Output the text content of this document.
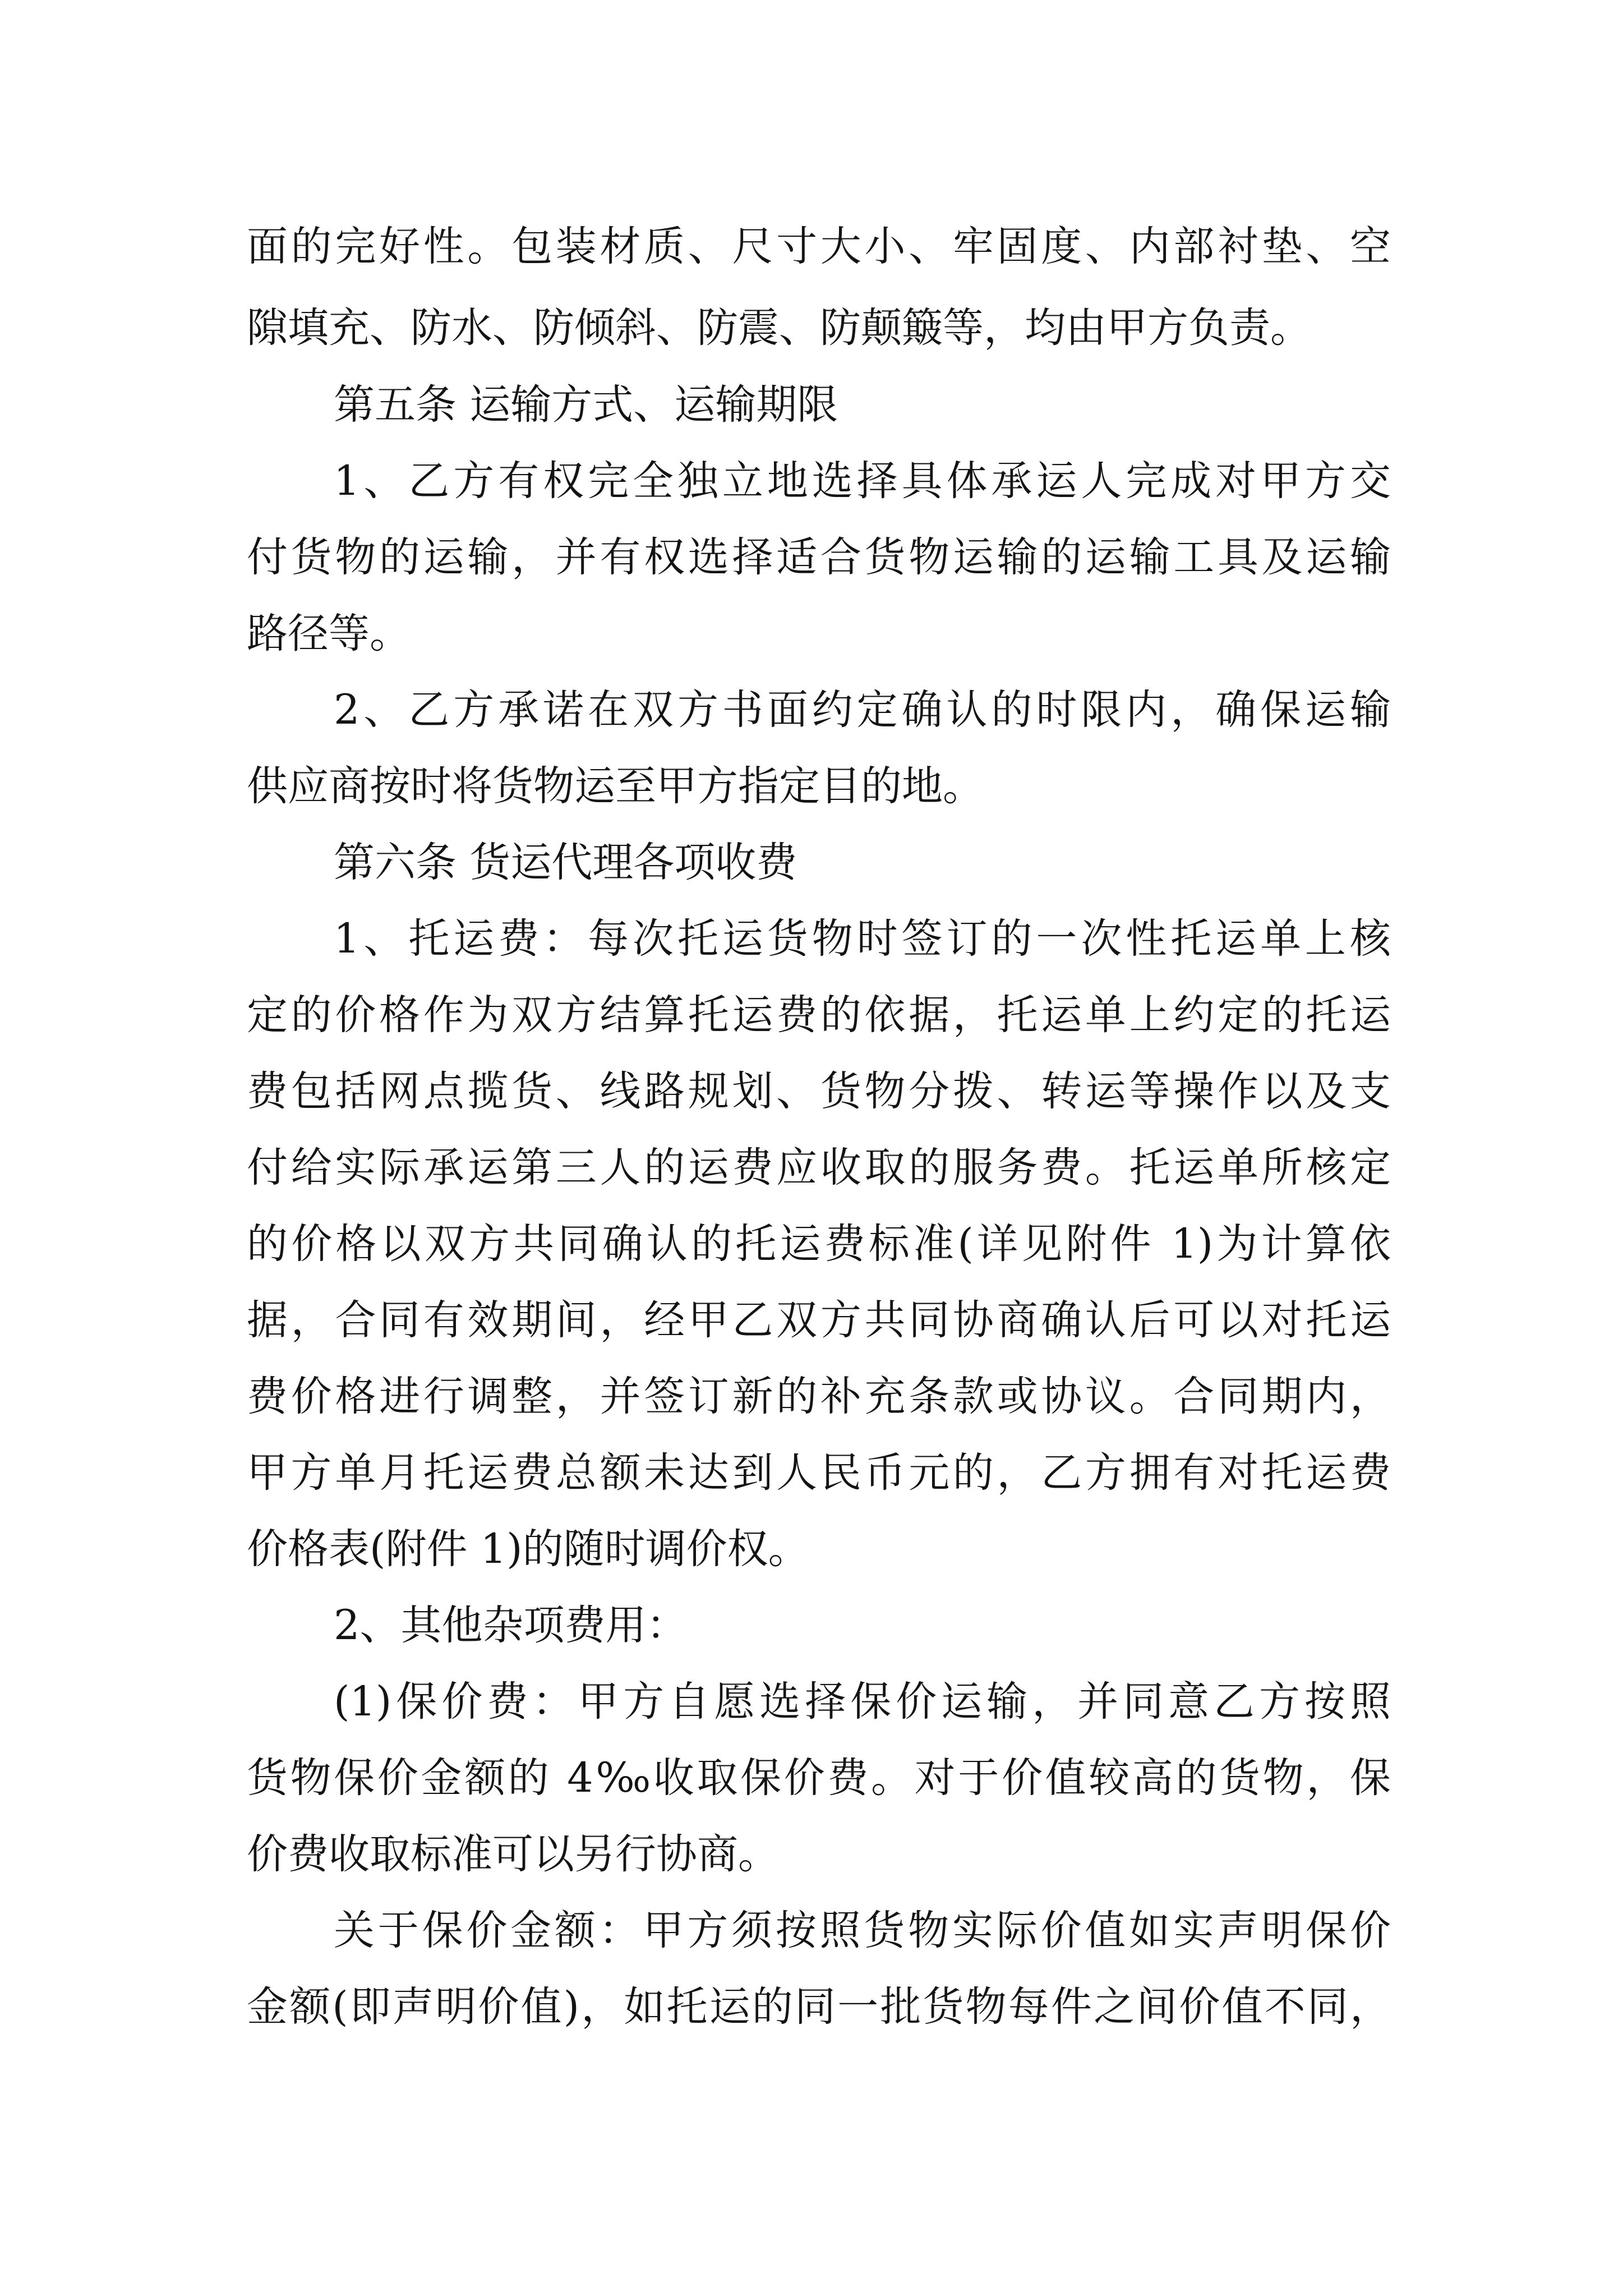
面的完好性。包装材质、尺寸大小、牢固度、内部衬垫、空

隙填充、防水、防倾斜、防震、防颠簸等，均由甲方负责。

第五条 运输方式、运输期限

1、乙方有权完全独立地选择具体承运人完成对甲方交

付货物的运输，并有权选择适合货物运输的运输工具及运输

路径等。

2、乙方承诺在双方书面约定确认的时限内，确保运输

供应商按时将货物运至甲方指定目的地。

第六条 货运代理各项收费

1、托运费：每次托运货物时签订的一次性托运单上核

定的价格作为双方结算托运费的依据，托运单上约定的托运

费包括网点揽货、线路规划、货物分拨、转运等操作以及支

付给实际承运第三人的运费应收取的服务费。托运单所核定

的价格以双方共同确认的托运费标准(详见附件 1)为计算依

据，合同有效期间，经甲乙双方共同协商确认后可以对托运

费价格进行调整，并签订新的补充条款或协议。合同期内，

甲方单月托运费总额未达到人民币元的，乙方拥有对托运费

价格表(附件 1)的随时调价权。

2、其他杂项费用：

(1)保价费：甲方自愿选择保价运输，并同意乙方按照

货物保价金额的 4‰收取保价费。对于价值较高的货物，保

价费收取标准可以另行协商。

关于保价金额：甲方须按照货物实际价值如实声明保价

金额(即声明价值)，如托运的同一批货物每件之间价值不同，
